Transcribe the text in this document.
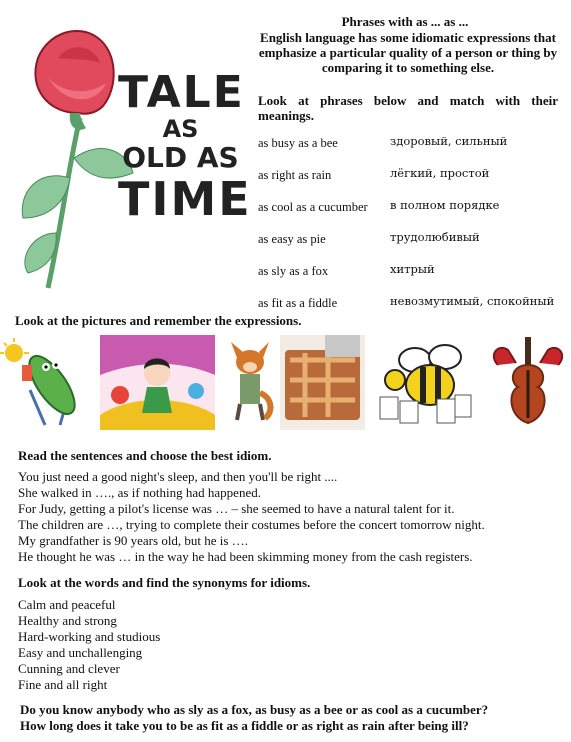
TALE
AS
OLD AS
TIME
Phrases with as ... as ...
English language has some idiomatic expressions that emphasize a particular quality of a person or thing by comparing it to something else.
Look at phrases below and match with their meanings.
as busy as a bee
as right as rain
as cool as a cucumber
as easy as pie
as sly as a fox
as fit as a fiddle
здоровый, сильный
лёгкий, простой
в полном порядке
трудолюбивый
хитрый
невозмутимый, спокойный
Look at the pictures and remember the expressions.
Read the sentences and choose the best idiom.
You just need a good night's sleep, and then you'll be right ....
She walked in …., as if nothing had happened.
For Judy, getting a pilot's license was … – she seemed to have a natural talent for it.
The children are …, trying to complete their costumes before the concert tomorrow night.
My grandfather is 90 years old, but he is ….
He thought he was … in the way he had been skimming money from the cash registers.
Look at the words and find the synonyms for idioms.
Calm and peaceful
Healthy and strong
Hard-working and studious
Easy and unchallenging
Cunning and clever
Fine and all right
Do you know anybody who as sly as a fox, as busy as a bee or as cool as a cucumber?
How long does it take you to be as fit as a fiddle or as right as rain after being ill?
